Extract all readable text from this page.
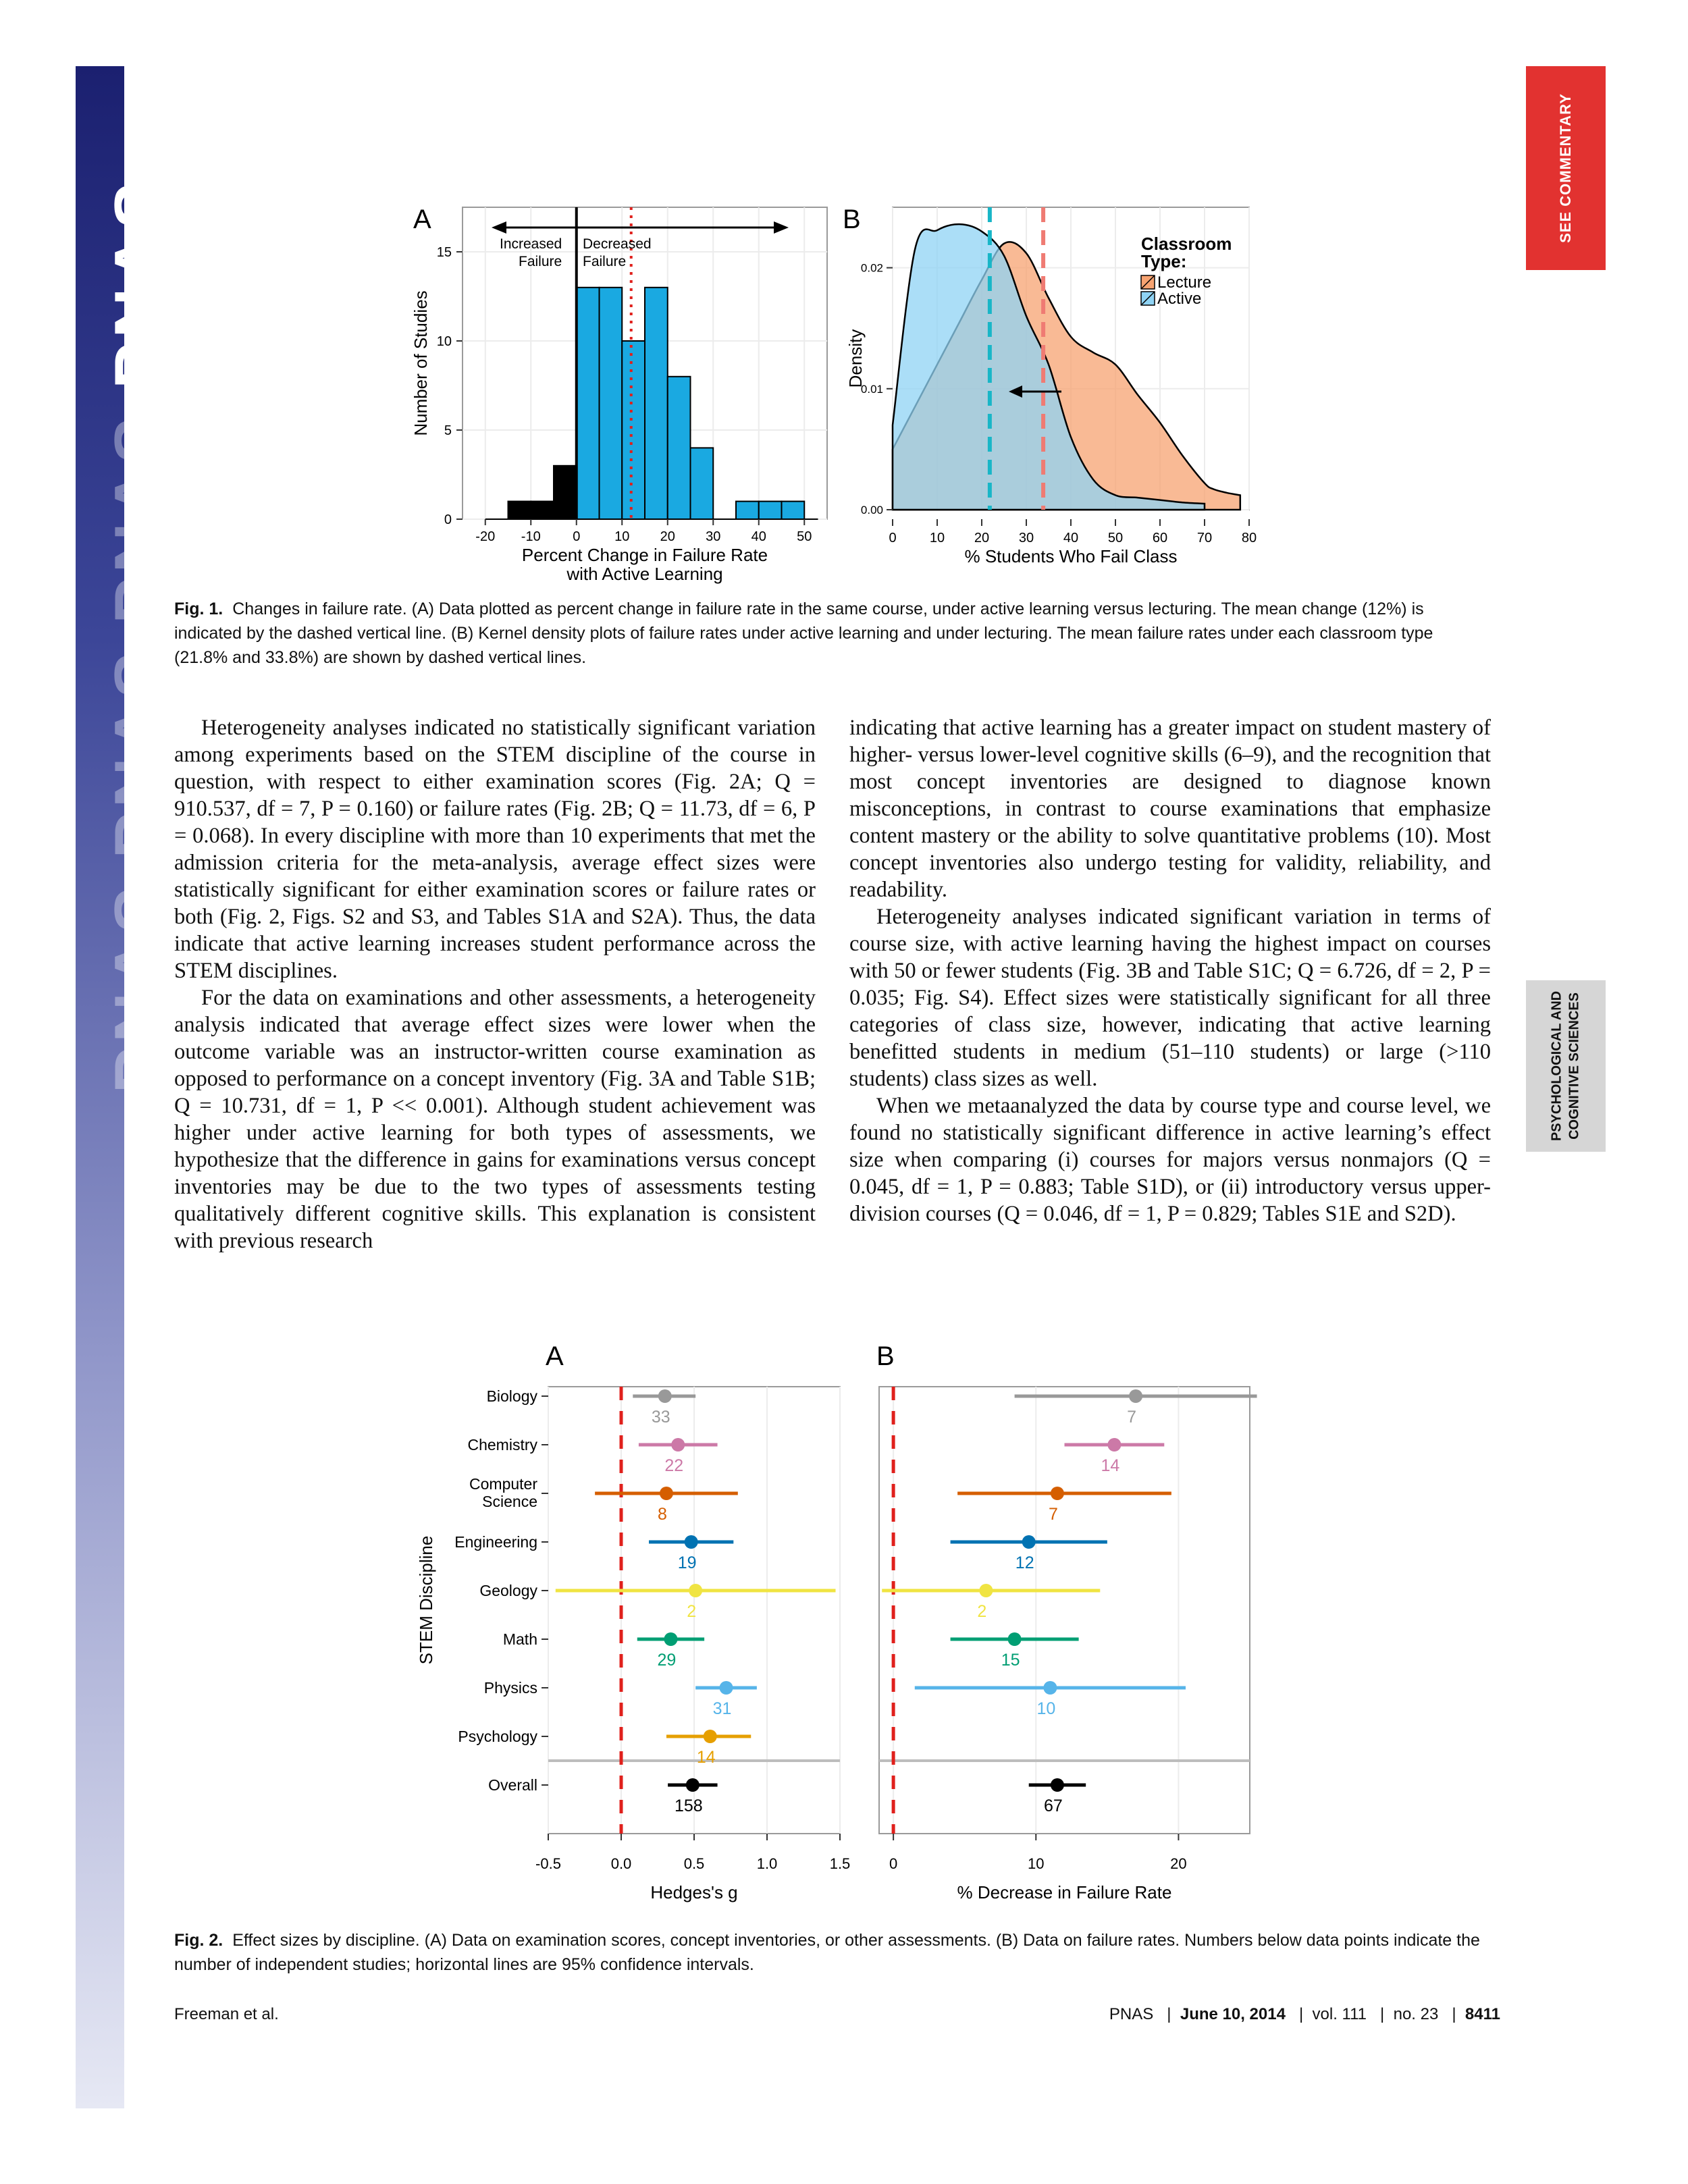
PNAS PNAS PNAS PNAS
SEE COMMENTARY
PSYCHOLOGICAL AND COGNITIVE SCIENCES
A
-20 -10 0	10 20 30 40 50
0
5
10
15
Percent Change in Failure Rate
with Active Learning
Number of Studies
Increased
Failure
Decreased
Failure
B
0 10 20 30 40 50 60 70 80
0.00
0.01
0.02
% Students Who Fail Class
Density
Classroom
Type:
Lecture
Active
Fig. 1. Changes in failure rate. (A) Data plotted as percent change in failure rate in the same course, under active learning versus lecturing. The mean change (12%) is indicated by the dashed vertical line. (B) Kernel density plots of failure rates under active learning and under lecturing. The mean failure rates under each classroom type (21.8% and 33.8%) are shown by dashed vertical lines.

Heterogeneity analyses indicated no statistically significant variation among experiments based on the STEM discipline of the course in question, with respect to either examination scores (Fig. 2A; Q = 910.537, df = 7, P = 0.160) or failure rates (Fig. 2B; Q = 11.73, df = 6, P = 0.068). In every discipline with more than 10 experiments that met the admission criteria for the meta-analysis, average effect sizes were statistically significant for either examination scores or failure rates or both (Fig. 2, Figs. S2 and S3, and Tables S1A and S2A). Thus, the data indicate that active learning increases student performance across the STEM disciplines.

For the data on examinations and other assessments, a heterogeneity analysis indicated that average effect sizes were lower when the outcome variable was an instructor-written course examination as opposed to performance on a concept inventory (Fig. 3A and Table S1B; Q = 10.731, df = 1, P << 0.001). Although student achievement was higher under active learning for both types of assessments, we hypothesize that the difference in gains for examinations versus concept inventories may be due to the two types of assessments testing qualitatively different cognitive skills. This explanation is consistent with previous research

indicating that active learning has a greater impact on student mastery of higher- versus lower-level cognitive skills (6–9), and the recognition that most concept inventories are designed to diagnose known misconceptions, in contrast to course examinations that emphasize content mastery or the ability to solve quantitative problems (10). Most concept inventories also undergo testing for validity, reliability, and readability.

Heterogeneity analyses indicated significant variation in terms of course size, with active learning having the highest impact on courses with 50 or fewer students (Fig. 3B and Table S1C; Q = 6.726, df = 2, P = 0.035; Fig. S4). Effect sizes were statistically significant for all three categories of class size, however, indicating that active learning benefitted students in medium (51–110 students) or large (>110 students) class sizes as well.

When we metaanalyzed the data by course type and course level, we found no statistically significant difference in active learning’s effect size when comparing (i) courses for majors versus nonmajors (Q = 0.045, df = 1, P = 0.883; Table S1D), or (ii) introductory versus upper-division courses (Q = 0.046, df = 1, P = 0.829; Tables S1E and S2D).

A	B
33
22
8
19
2
29
31
14
158
-0.5	0.0	0.5	1.0	1.5
Hedges's g
7
14
7
12
2
15
10
67
0	10	20
% Decrease in Failure Rate
Biology
Chemistry
Computer
Science
Engineering
Geology
Math
Physics
Psychology
Overall
STEM Discipline
Fig. 2. Effect sizes by discipline. (A) Data on examination scores, concept inventories, or other assessments. (B) Data on failure rates. Numbers below data points indicate the number of independent studies; horizontal lines are 95% confidence intervals.
Freeman et al.	PNAS   |  June 10, 2014   |  vol. 111   |  no. 23   |  8411
